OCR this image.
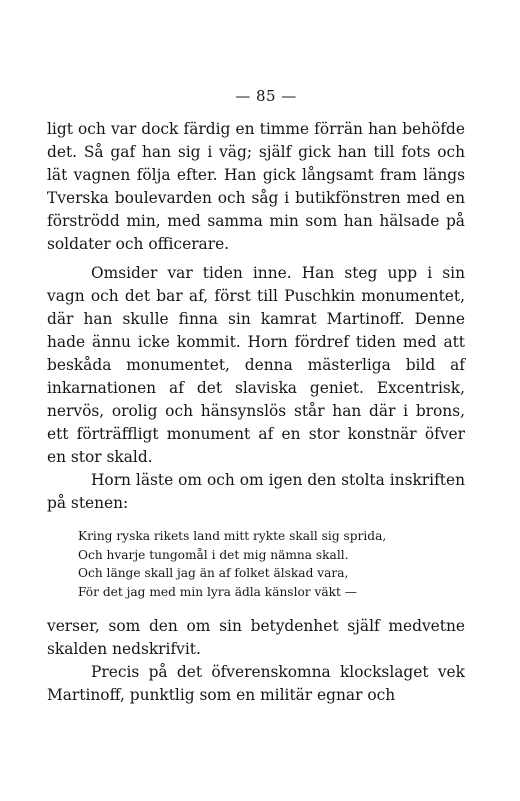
— 85 —

ligt och var dock färdig en timme förrän han behöfde det. Så gaf han sig i väg; själf gick han till fots och lät vagnen följa efter. Han gick långsamt fram längs Tverska boulevarden och såg i butikfönstren med en förströdd min, med samma min som han hälsade på soldater och officerare.

Omsider var tiden inne. Han steg upp i sin vagn och det bar af, först till Puschkin monumentet, där han skulle finna sin kamrat Martinoff. Denne hade ännu icke kommit. Horn fördref tiden med att beskåda monumentet, denna mästerliga bild af inkarnationen af det slaviska geniet. Excentrisk, nervös, orolig och hänsynslös står han där i brons, ett förträffligt monument af en stor konstnär öfver en stor skald.

Horn läste om och om igen den stolta inskriften på stenen:

Kring ryska rikets land mitt rykte skall sig sprida,
Och hvarje tungomål i det mig nämna skall.
Och länge skall jag än af folket älskad vara,
För det jag med min lyra ädla känslor väkt —

verser, som den om sin betydenhet själf medvetne skalden nedskrifvit.

Precis på det öfverenskomna klockslaget vek Martinoff, punktlig som en militär egnar och
